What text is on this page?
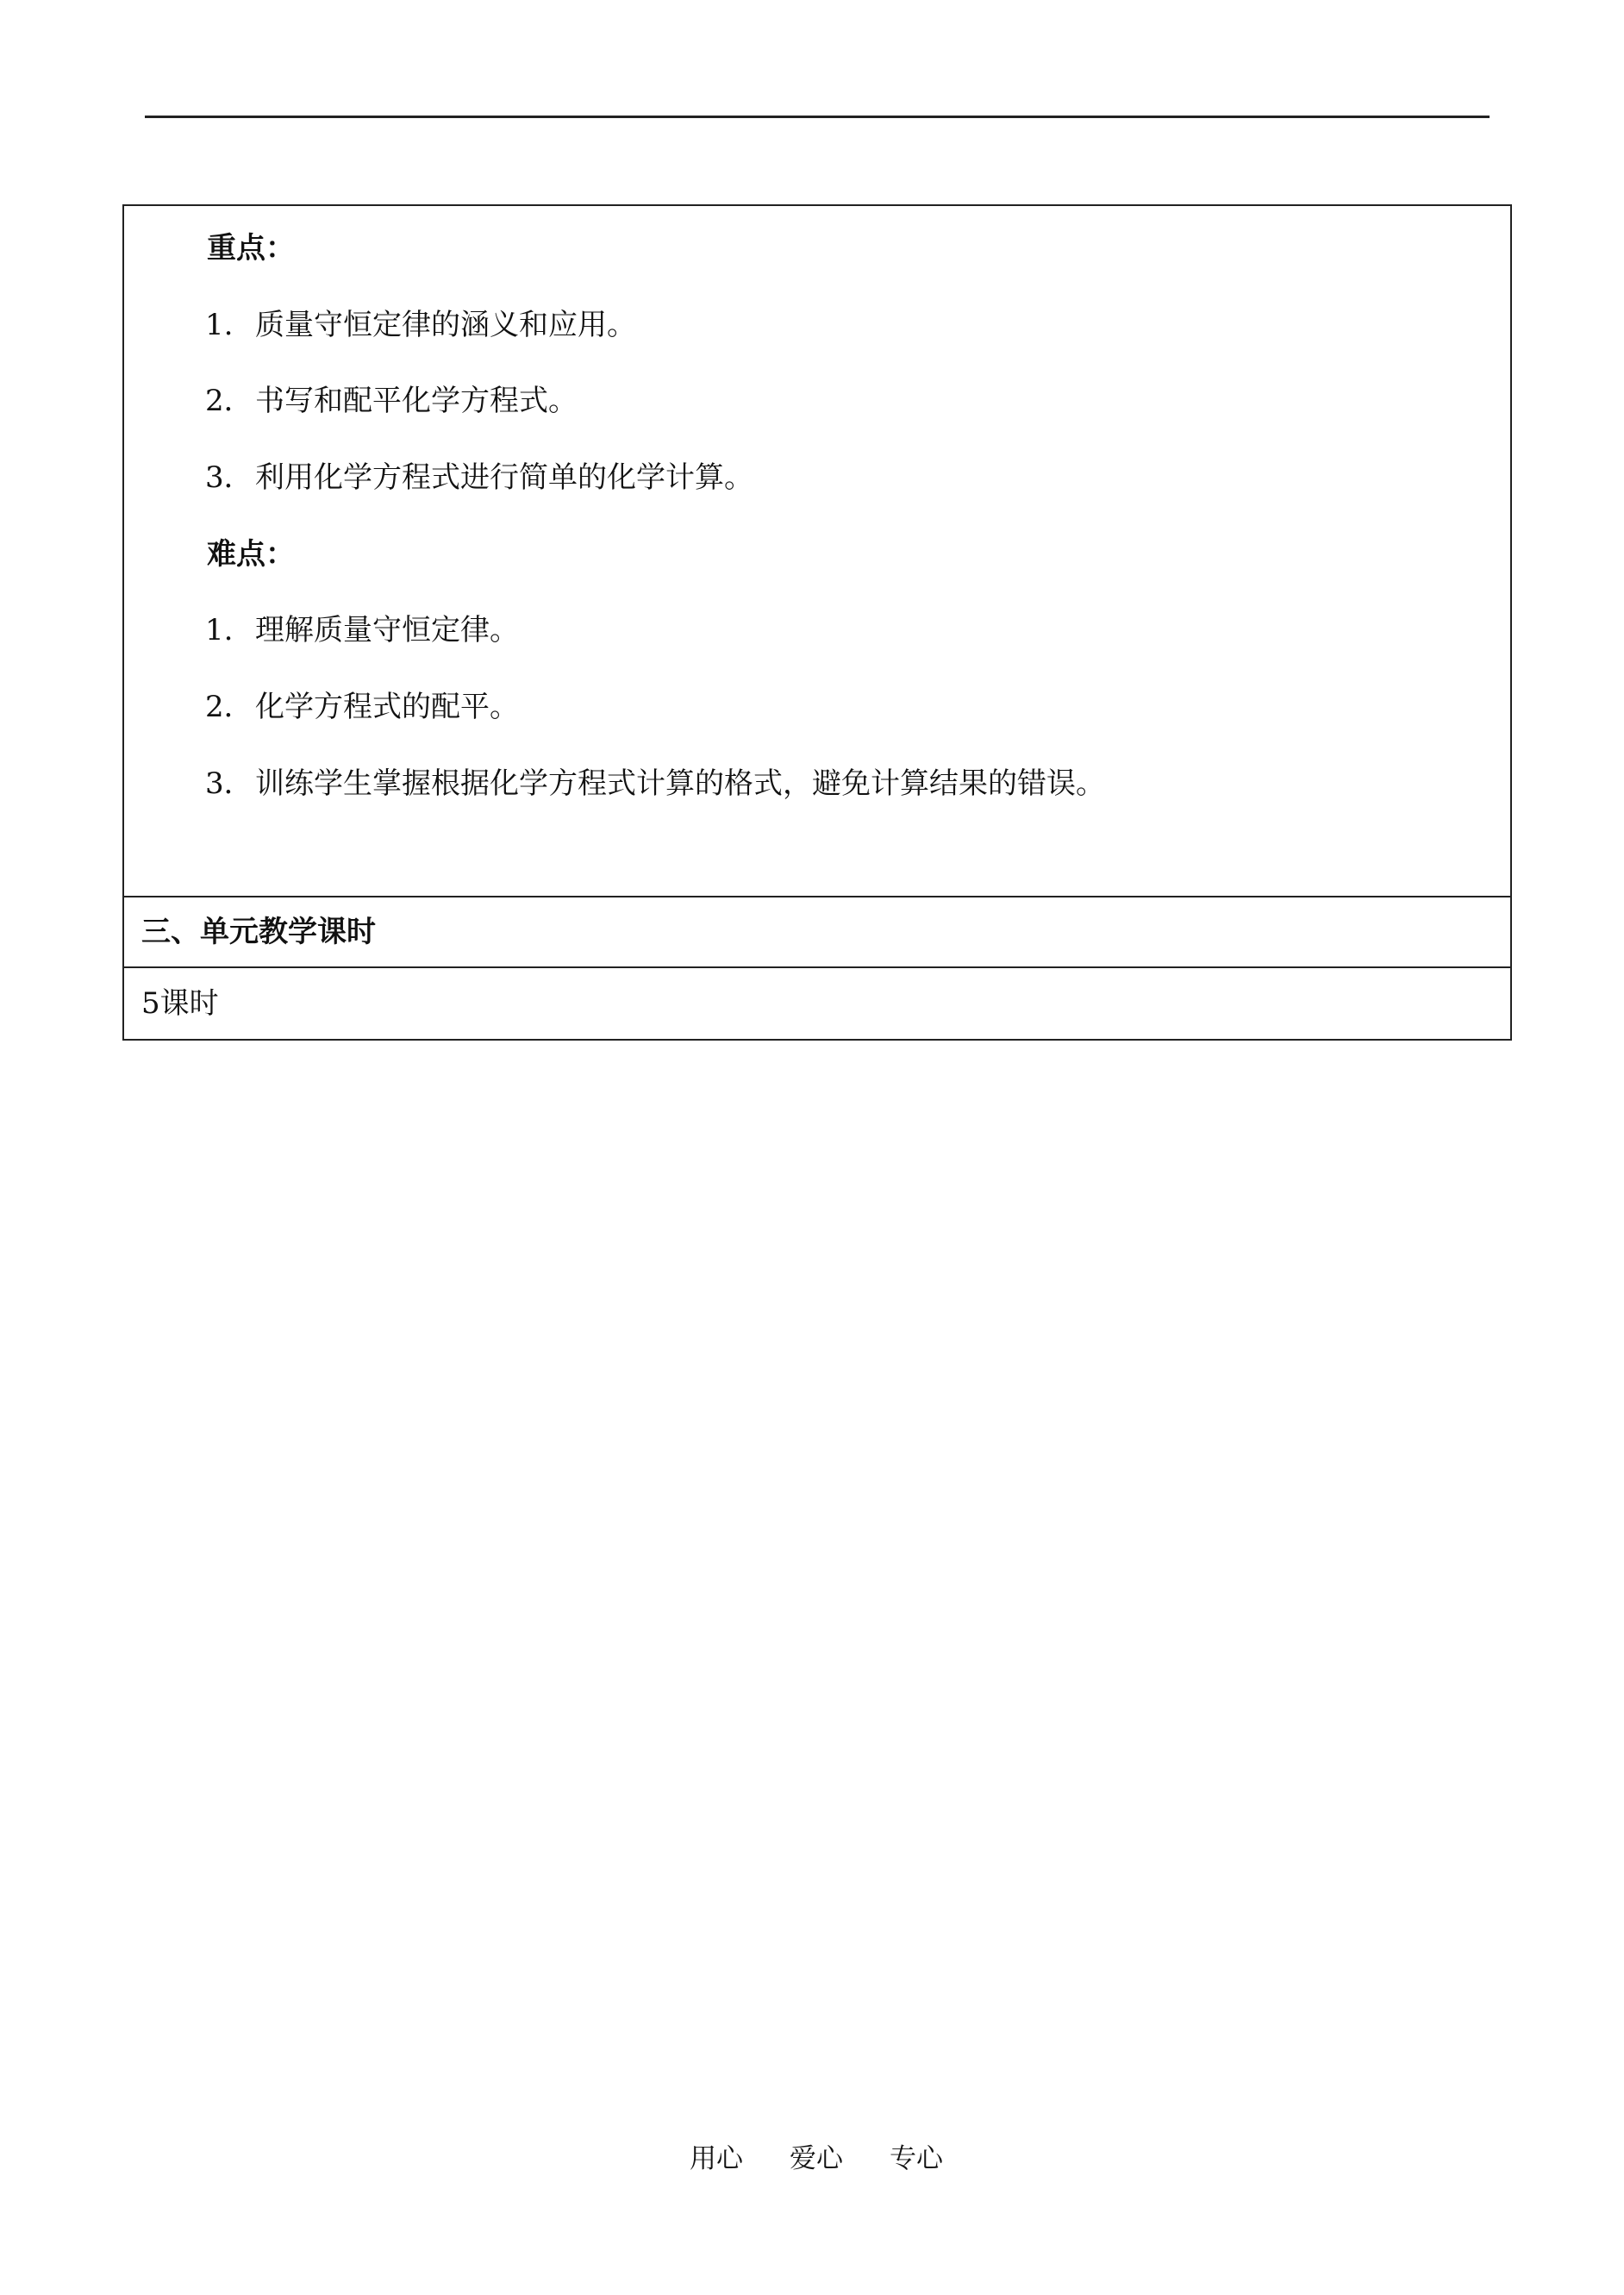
重点：
1. 质量守恒定律的涵义和应用。
2．书写和配平化学方程式。
3．利用化学方程式进行简单的化学计算。
难点：
1. 理解质量守恒定律。
2．化学方程式的配平。
3．训练学生掌握根据化学方程式计算的格式，避免计算结果的错误。
三、单元教学课时
5课时
用心 爱心 专心
